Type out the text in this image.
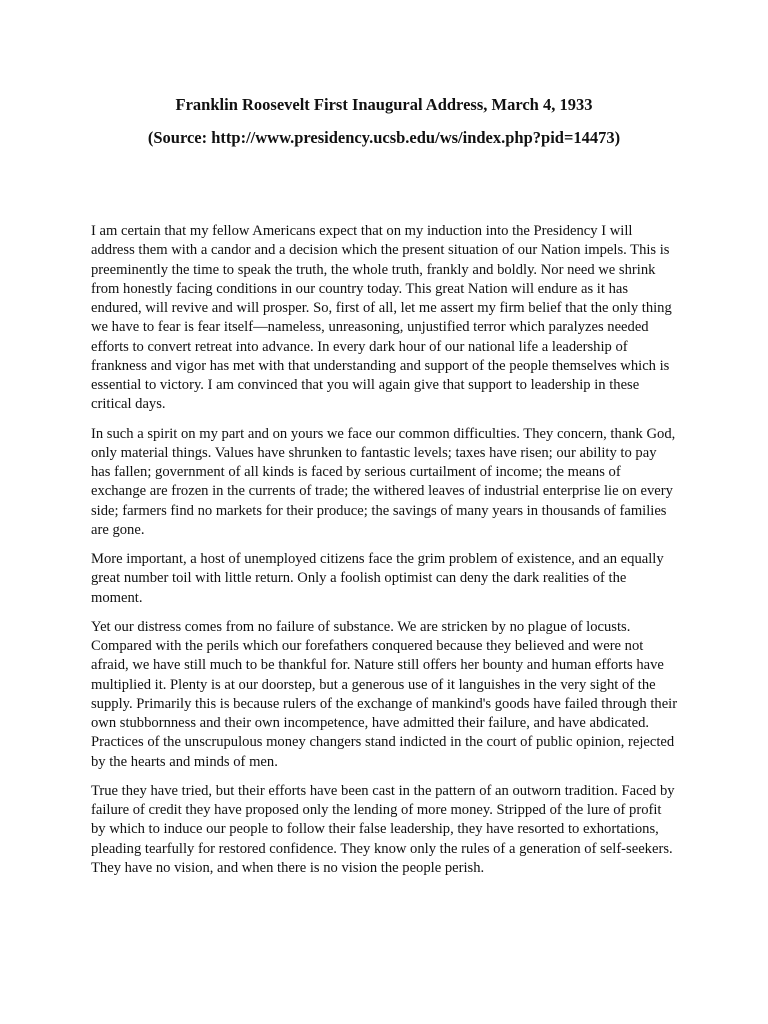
Franklin Roosevelt First Inaugural Address, March 4, 1933
(Source: http://www.presidency.ucsb.edu/ws/index.php?pid=14473)

I am certain that my fellow Americans expect that on my induction into the Presidency I will address them with a candor and a decision which the present situation of our Nation impels. This is preeminently the time to speak the truth, the whole truth, frankly and boldly. Nor need we shrink from honestly facing conditions in our country today. This great Nation will endure as it has endured, will revive and will prosper. So, first of all, let me assert my firm belief that the only thing we have to fear is fear itself—nameless, unreasoning, unjustified terror which paralyzes needed efforts to convert retreat into advance. In every dark hour of our national life a leadership of frankness and vigor has met with that understanding and support of the people themselves which is essential to victory. I am convinced that you will again give that support to leadership in these critical days.

In such a spirit on my part and on yours we face our common difficulties. They concern, thank God, only material things. Values have shrunken to fantastic levels; taxes have risen; our ability to pay has fallen; government of all kinds is faced by serious curtailment of income; the means of exchange are frozen in the currents of trade; the withered leaves of industrial enterprise lie on every side; farmers find no markets for their produce; the savings of many years in thousands of families are gone.

More important, a host of unemployed citizens face the grim problem of existence, and an equally great number toil with little return. Only a foolish optimist can deny the dark realities of the moment.

Yet our distress comes from no failure of substance. We are stricken by no plague of locusts. Compared with the perils which our forefathers conquered because they believed and were not afraid, we have still much to be thankful for. Nature still offers her bounty and human efforts have multiplied it. Plenty is at our doorstep, but a generous use of it languishes in the very sight of the supply. Primarily this is because rulers of the exchange of mankind's goods have failed through their own stubbornness and their own incompetence, have admitted their failure, and have abdicated. Practices of the unscrupulous money changers stand indicted in the court of public opinion, rejected by the hearts and minds of men.

True they have tried, but their efforts have been cast in the pattern of an outworn tradition. Faced by failure of credit they have proposed only the lending of more money. Stripped of the lure of profit by which to induce our people to follow their false leadership, they have resorted to exhortations, pleading tearfully for restored confidence. They know only the rules of a generation of self-seekers. They have no vision, and when there is no vision the people perish.
